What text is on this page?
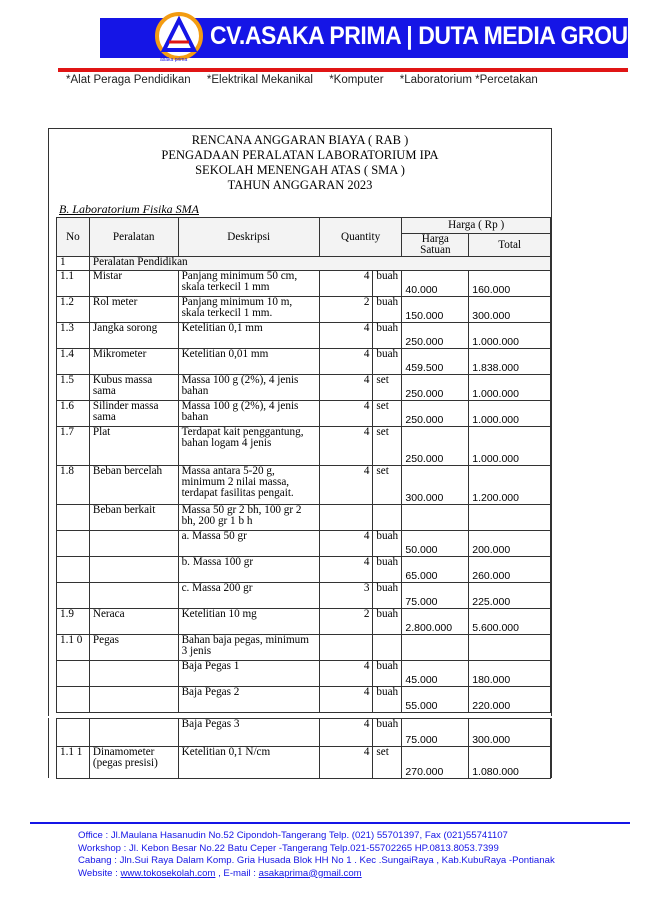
asaka prima
CV.ASAKA PRIMA | DUTA MEDIA GROUP
*Alat Peraga Pendidikan *Elektrikal Mekanikal *Komputer *Laboratorium *Percetakan
RENCANA ANGGARAN BIAYA ( RAB )
PENGADAAN PERALATAN LABORATORIUM IPA
SEKOLAH MENENGAH ATAS ( SMA )
TAHUN ANGGARAN 2023
B. Laboratorium Fisika SMA
No	Peralatan	Deskripsi	Quantity		Harga ( Rp )	
					Harga Satuan	Total
1	Peralatan Pendidikan					
1.1	Mistar	Panjang minimum 50 cm, skala terkecil 1 mm	4	buah	40.000	160.000
1.2	Rol meter	Panjang minimum 10 m, skala terkecil 1 mm.	2	buah	150.000	300.000
1.3	Jangka sorong	Ketelitian 0,1 mm	4	buah	250.000	1.000.000
1.4	Mikrometer	Ketelitian 0,01 mm	4	buah	459.500	1.838.000
1.5	Kubus massa sama	Massa 100 g (2%), 4 jenis bahan	4	set	250.000	1.000.000
1.6	Silinder massa sama	Massa 100 g (2%), 4 jenis bahan	4	set	250.000	1.000.000
1.7	Plat	Terdapat kait penggantung, bahan logam 4 jenis	4	set	250.000	1.000.000
1.8	Beban bercelah	Massa antara 5-20 g, minimum 2 nilai massa, terdapat fasilitas pengait.	4	set	300.000	1.200.000
	Beban berkait	Massa 50 gr 2 bh, 100 gr 2 bh, 200 gr 1 b h				
		a. Massa 50 gr	4	buah	50.000	200.000
		b. Massa 100 gr	4	buah	65.000	260.000
		c. Massa 200 gr	3	buah	75.000	225.000
1.9	Neraca	Ketelitian 10 mg	2	buah	2.800.000	5.600.000
1.1 0	Pegas	Bahan baja pegas, minimum 3 jenis				
		Baja Pegas 1	4	buah	45.000	180.000
		Baja Pegas 2	4	buah	55.000	220.000
		Baja Pegas 3	4	buah	75.000	300.000
1.1 1	Dinamometer (pegas presisi)	Ketelitian 0,1 N/cm	4	set	270.000	1.080.000
Office : Jl.Maulana Hasanudin No.52 Cipondoh-Tangerang Telp. (021) 55701397, Fax (021)55741107
Workshop : Jl. Kebon Besar No.22 Batu Ceper -Tangerang Telp.021-55702265 HP.0813.8053.7399
Cabang : Jln.Sui Raya Dalam Komp. Gria Husada Blok HH No 1 . Kec .SungaiRaya , Kab.KubuRaya -Pontianak
Website : www.tokosekolah.com , E-mail : asakaprima@gmail.com
